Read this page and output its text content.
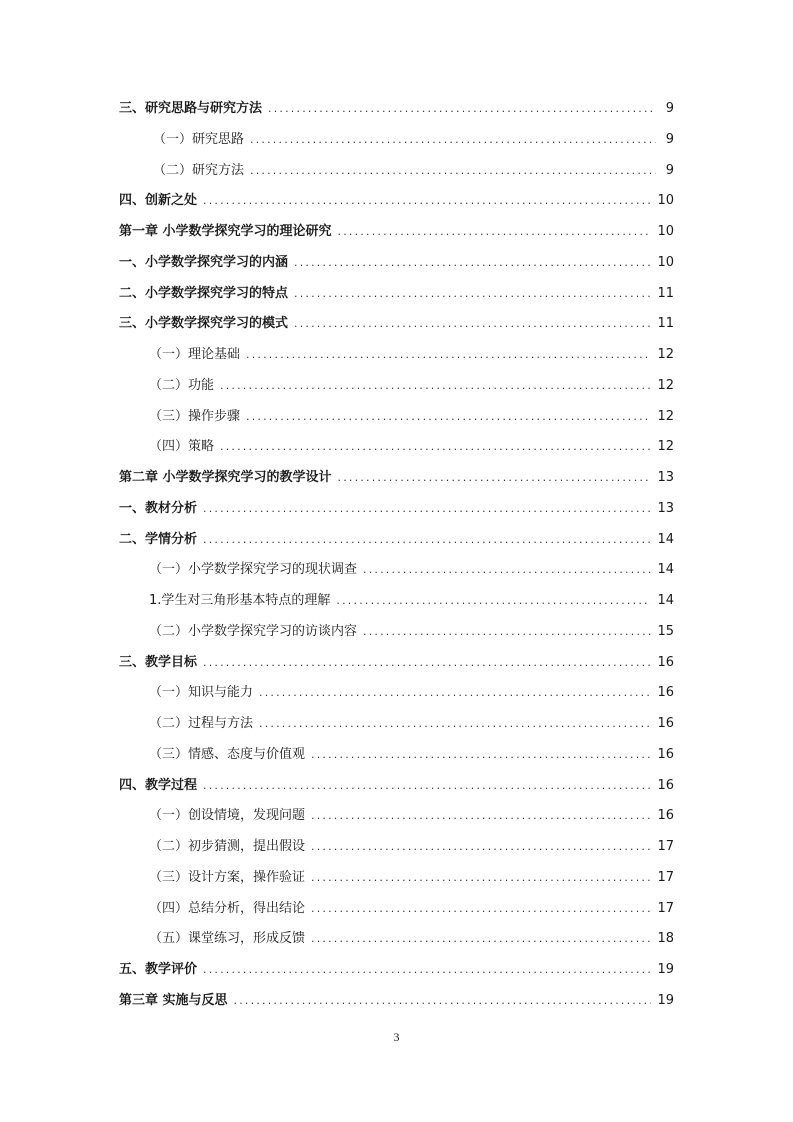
三、研究思路与研究方法 .....	9
（一）研究思路 .....	9
（二）研究方法 .....	9
四、创新之处 .....	10
第一章 小学数学探究学习的理论研究 .....	10
一、小学数学探究学习的内涵 .....	10
二、小学数学探究学习的特点 .....	11
三、小学数学探究学习的模式 .....	11
（一）理论基础 .....	12
（二）功能 .....	12
（三）操作步骤 .....	12
（四）策略 .....	12
第二章 小学数学探究学习的教学设计 .....	13
一、教材分析 .....	13
二、学情分析 .....	14
（一）小学数学探究学习的现状调查 .....	14
1.学生对三角形基本特点的理解 .....	14
（二）小学数学探究学习的访谈内容 .....	15
三、教学目标 .....	16
（一）知识与能力 .....	16
（二）过程与方法 .....	16
（三）情感、态度与价值观 .....	16
四、教学过程 .....	16
（一）创设情境，发现问题 .....	16
（二）初步猜测，提出假设 .....	17
（三）设计方案，操作验证 .....	17
（四）总结分析，得出结论 .....	17
（五）课堂练习，形成反馈 .....	18
五、教学评价 .....	19
第三章 实施与反思 .....	19
3
